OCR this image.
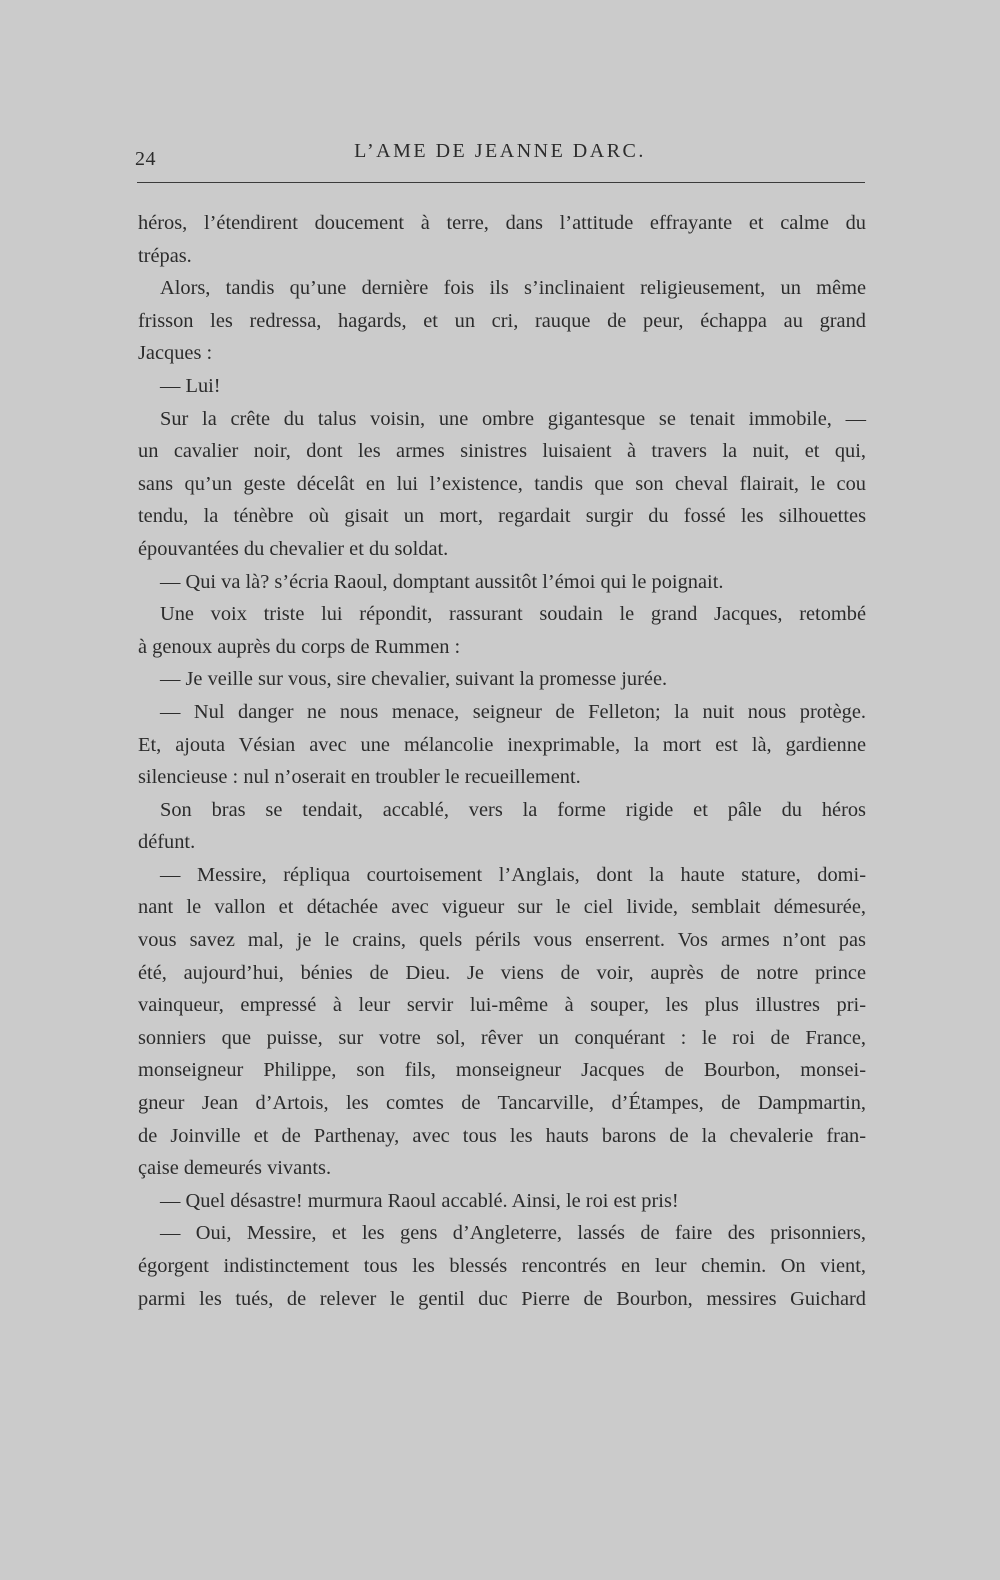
24	L’AME DE JEANNE DARC.
héros, l’étendirent doucement à terre, dans l’attitude effrayante et calme du
trépas.
Alors, tandis qu’une dernière fois ils s’inclinaient religieusement, un même
frisson les redressa, hagards, et un cri, rauque de peur, échappa au grand
Jacques :
— Lui!
Sur la crête du talus voisin, une ombre gigantesque se tenait immobile, —
un cavalier noir, dont les armes sinistres luisaient à travers la nuit, et qui,
sans qu’un geste décelât en lui l’existence, tandis que son cheval flairait, le cou
tendu, la ténèbre où gisait un mort, regardait surgir du fossé les silhouettes
épouvantées du chevalier et du soldat.
— Qui va là? s’écria Raoul, domptant aussitôt l’émoi qui le poignait.
Une voix triste lui répondit, rassurant soudain le grand Jacques, retombé
à genoux auprès du corps de Rummen :
— Je veille sur vous, sire chevalier, suivant la promesse jurée.
— Nul danger ne nous menace, seigneur de Felleton; la nuit nous protège.
Et, ajouta Vésian avec une mélancolie inexprimable, la mort est là, gardienne
silencieuse : nul n’oserait en troubler le recueillement.
Son bras se tendait, accablé, vers la forme rigide et pâle du héros
défunt.
— Messire, répliqua courtoisement l’Anglais, dont la haute stature, domi-
nant le vallon et détachée avec vigueur sur le ciel livide, semblait démesurée,
vous savez mal, je le crains, quels périls vous enserrent. Vos armes n’ont pas
été, aujourd’hui, bénies de Dieu. Je viens de voir, auprès de notre prince
vainqueur, empressé à leur servir lui-même à souper, les plus illustres pri-
sonniers que puisse, sur votre sol, rêver un conquérant : le roi de France,
monseigneur Philippe, son fils, monseigneur Jacques de Bourbon, monsei-
gneur Jean d’Artois, les comtes de Tancarville, d’Étampes, de Dampmartin,
de Joinville et de Parthenay, avec tous les hauts barons de la chevalerie fran-
çaise demeurés vivants.
— Quel désastre! murmura Raoul accablé. Ainsi, le roi est pris!
— Oui, Messire, et les gens d’Angleterre, lassés de faire des prisonniers,
égorgent indistinctement tous les blessés rencontrés en leur chemin. On vient,
parmi les tués, de relever le gentil duc Pierre de Bourbon, messires Guichard
